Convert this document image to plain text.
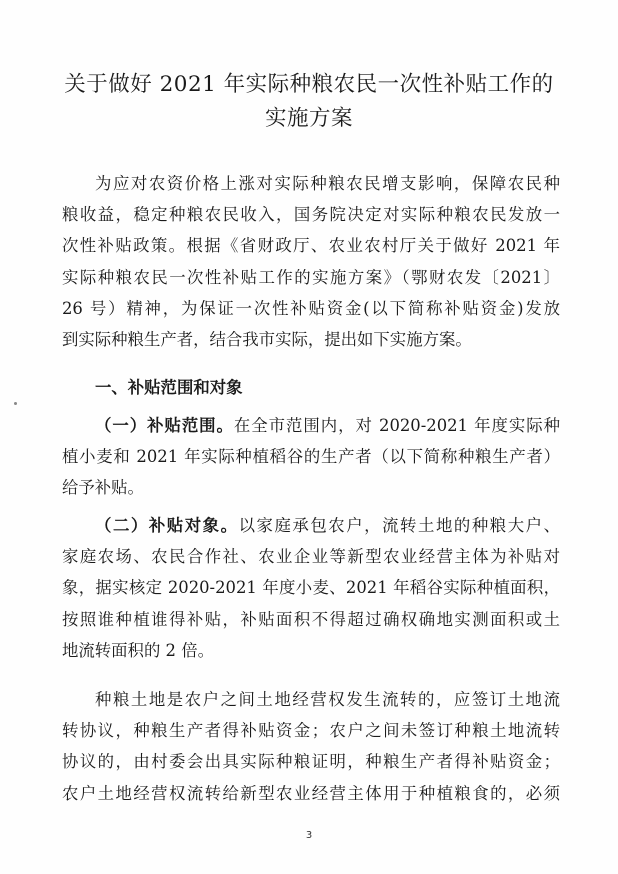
关于做好 2021 年实际种粮农民一次性补贴工作的
实施方案
为应对农资价格上涨对实际种粮农民增支影响，保障农民种
粮收益，稳定种粮农民收入，国务院决定对实际种粮农民发放一
次性补贴政策。根据《省财政厅、农业农村厅关于做好 2021 年
实际种粮农民一次性补贴工作的实施方案》（鄂财农发〔2021〕
26 号）精神，为保证一次性补贴资金(以下简称补贴资金)发放
到实际种粮生产者，结合我市实际，提出如下实施方案。
一、补贴范围和对象
（一）补贴范围。在全市范围内，对 2020-2021 年度实际种
植小麦和 2021 年实际种植稻谷的生产者（以下简称种粮生产者）
给予补贴。
（二）补贴对象。以家庭承包农户，流转土地的种粮大户、
家庭农场、农民合作社、农业企业等新型农业经营主体为补贴对
象，据实核定 2020-2021 年度小麦、2021 年稻谷实际种植面积，
按照谁种植谁得补贴，补贴面积不得超过确权确地实测面积或土
地流转面积的 2 倍。
种粮土地是农户之间土地经营权发生流转的，应签订土地流
转协议，种粮生产者得补贴资金；农户之间未签订种粮土地流转
协议的，由村委会出具实际种粮证明，种粮生产者得补贴资金；
农户土地经营权流转给新型农业经营主体用于种植粮食的，必须
3
